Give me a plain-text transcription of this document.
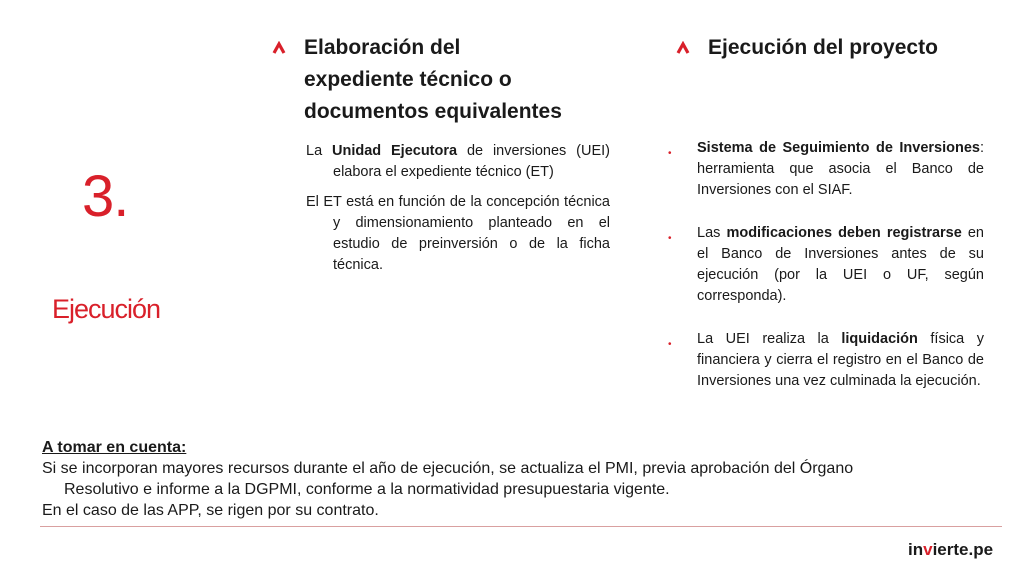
3.
Ejecución
Elaboración del
expediente técnico o
documentos equivalentes
Ejecución del proyecto
La Unidad Ejecutora de inversiones (UEI) elabora el expediente técnico (ET)
El ET está en función de la concepción técnica y dimensionamiento planteado en el estudio de preinversión o de la ficha técnica.
•	Sistema de Seguimiento de Inversiones: herramienta que asocia el Banco de Inversiones con el SIAF.
•	Las modificaciones deben registrarse en el Banco de Inversiones antes de su ejecución (por la UEI o UF, según corresponda).
•	La UEI realiza la liquidación física y financiera y cierra el registro en el Banco de Inversiones una vez culminada la ejecución.
A tomar en cuenta:
Si se incorporan mayores recursos durante el año de ejecución, se actualiza el PMI, previa aprobación del Órgano
Resolutivo e informe a la DGPMI, conforme a la normatividad presupuestaria vigente.
En el caso de las APP, se rigen por su contrato.
invierte.pe
